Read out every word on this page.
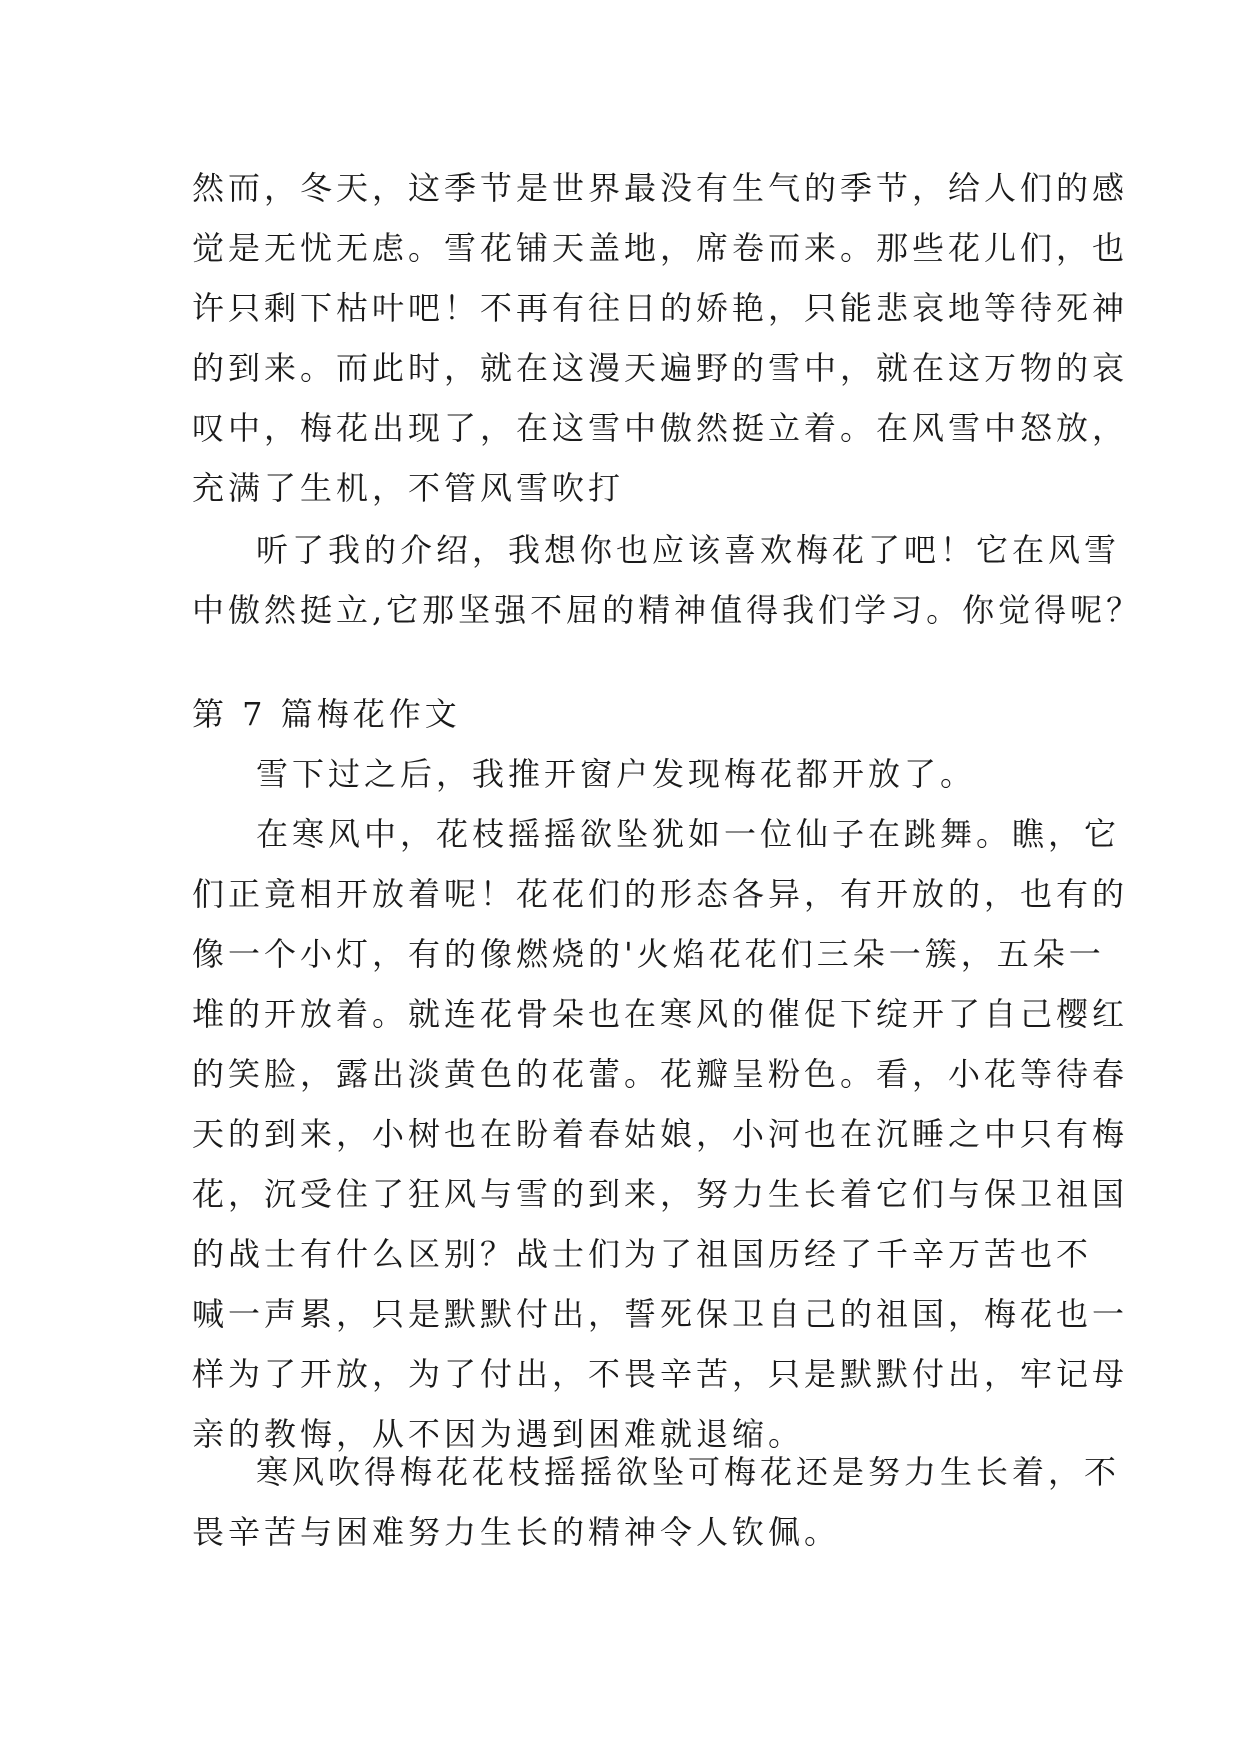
然而，冬天，这季节是世界最没有生气的季节，给人们的感
觉是无忧无虑。雪花铺天盖地，席卷而来。那些花儿们，也
许只剩下枯叶吧！不再有往日的娇艳，只能悲哀地等待死神
的到来。而此时，就在这漫天遍野的雪中，就在这万物的哀
叹中，梅花出现了，在这雪中傲然挺立着。在风雪中怒放，
充满了生机，不管风雪吹打
听了我的介绍，我想你也应该喜欢梅花了吧！它在风雪
中傲然挺立,它那坚强不屈的精神值得我们学习。你觉得呢？
第 7 篇梅花作文
雪下过之后，我推开窗户发现梅花都开放了。
在寒风中，花枝摇摇欲坠犹如一位仙子在跳舞。瞧，它
们正竟相开放着呢！花花们的形态各异，有开放的，也有的
像一个小灯，有的像燃烧的'火焰花花们三朵一簇，五朵一
堆的开放着。就连花骨朵也在寒风的催促下绽开了自己樱红
的笑脸，露出淡黄色的花蕾。花瓣呈粉色。看，小花等待春
天的到来，小树也在盼着春姑娘，小河也在沉睡之中只有梅
花，沉受住了狂风与雪的到来，努力生长着它们与保卫祖国
的战士有什么区别？战士们为了祖国历经了千辛万苦也不
喊一声累，只是默默付出，誓死保卫自己的祖国，梅花也一
样为了开放，为了付出，不畏辛苦，只是默默付出，牢记母
亲的教悔，从不因为遇到困难就退缩。
寒风吹得梅花花枝摇摇欲坠可梅花还是努力生长着，不
畏辛苦与困难努力生长的精神令人钦佩。
